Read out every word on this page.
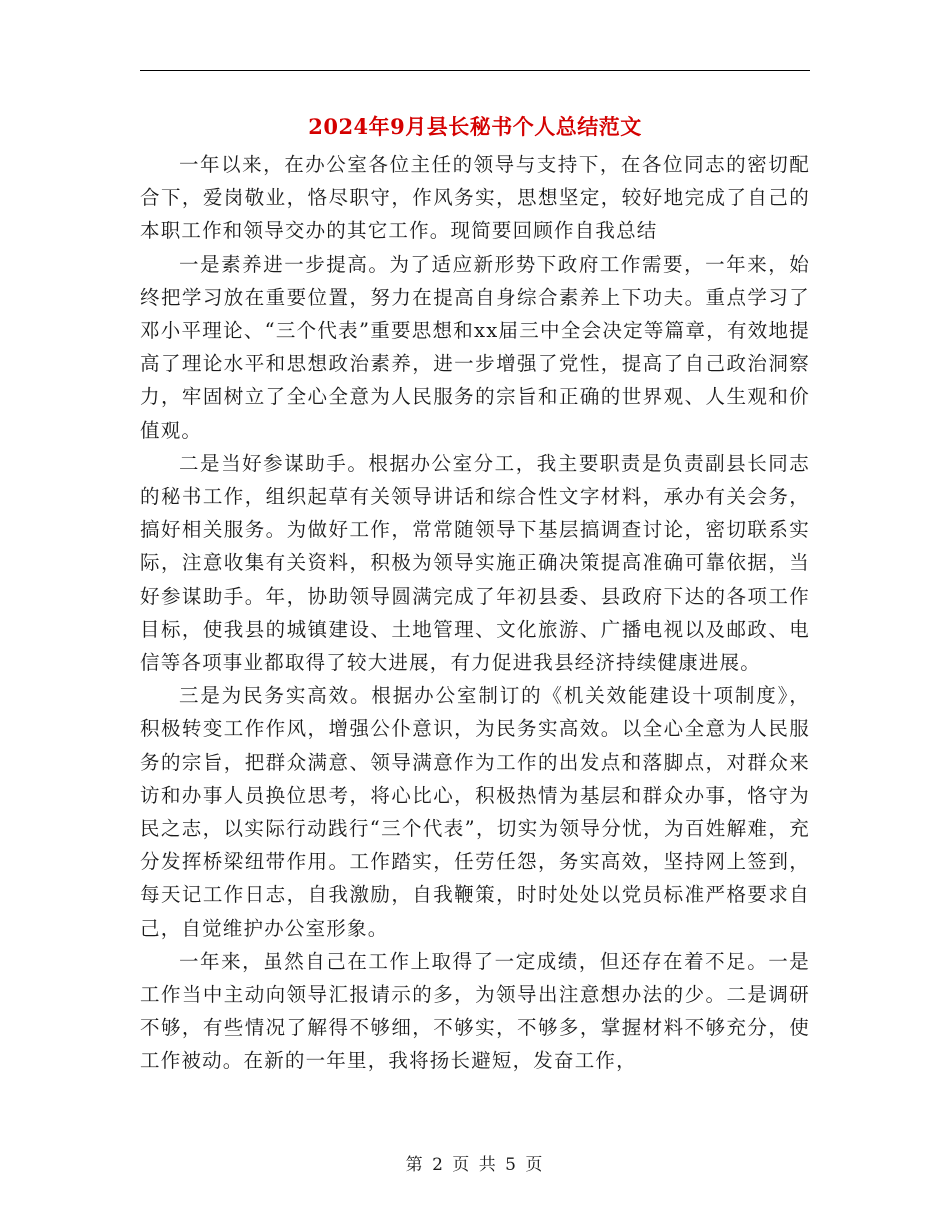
2024年9月县长秘书个人总结范文

一年以来，在办公室各位主任的领导与支持下，在各位同志的密切配合下，爱岗敬业，恪尽职守，作风务实，思想坚定，较好地完成了自己的本职工作和领导交办的其它工作。现简要回顾作自我总结

一是素养进一步提高。为了适应新形势下政府工作需要，一年来，始终把学习放在重要位置，努力在提高自身综合素养上下功夫。重点学习了邓小平理论、“三个代表”重要思想和xx届三中全会决定等篇章，有效地提高了理论水平和思想政治素养，进一步增强了党性，提高了自己政治洞察力，牢固树立了全心全意为人民服务的宗旨和正确的世界观、人生观和价值观。

二是当好参谋助手。根据办公室分工，我主要职责是负责副县长同志的秘书工作，组织起草有关领导讲话和综合性文字材料，承办有关会务，搞好相关服务。为做好工作，常常随领导下基层搞调查讨论，密切联系实际，注意收集有关资料，积极为领导实施正确决策提高准确可靠依据，当好参谋助手。年，协助领导圆满完成了年初县委、县政府下达的各项工作目标，使我县的城镇建设、土地管理、文化旅游、广播电视以及邮政、电信等各项事业都取得了较大进展，有力促进我县经济持续健康进展。

三是为民务实高效。根据办公室制订的《机关效能建设十项制度》，积极转变工作作风，增强公仆意识，为民务实高效。以全心全意为人民服务的宗旨，把群众满意、领导满意作为工作的出发点和落脚点，对群众来访和办事人员换位思考，将心比心，积极热情为基层和群众办事，恪守为民之志，以实际行动践行“三个代表”，切实为领导分忧，为百姓解难，充分发挥桥梁纽带作用。工作踏实，任劳任怨，务实高效，坚持网上签到，每天记工作日志，自我激励，自我鞭策，时时处处以党员标准严格要求自己，自觉维护办公室形象。

一年来，虽然自己在工作上取得了一定成绩，但还存在着不足。一是工作当中主动向领导汇报请示的多，为领导出注意想办法的少。二是调研不够，有些情况了解得不够细，不够实，不够多，掌握材料不够充分，使工作被动。在新的一年里，我将扬长避短，发奋工作，

第 2 页 共 5 页
